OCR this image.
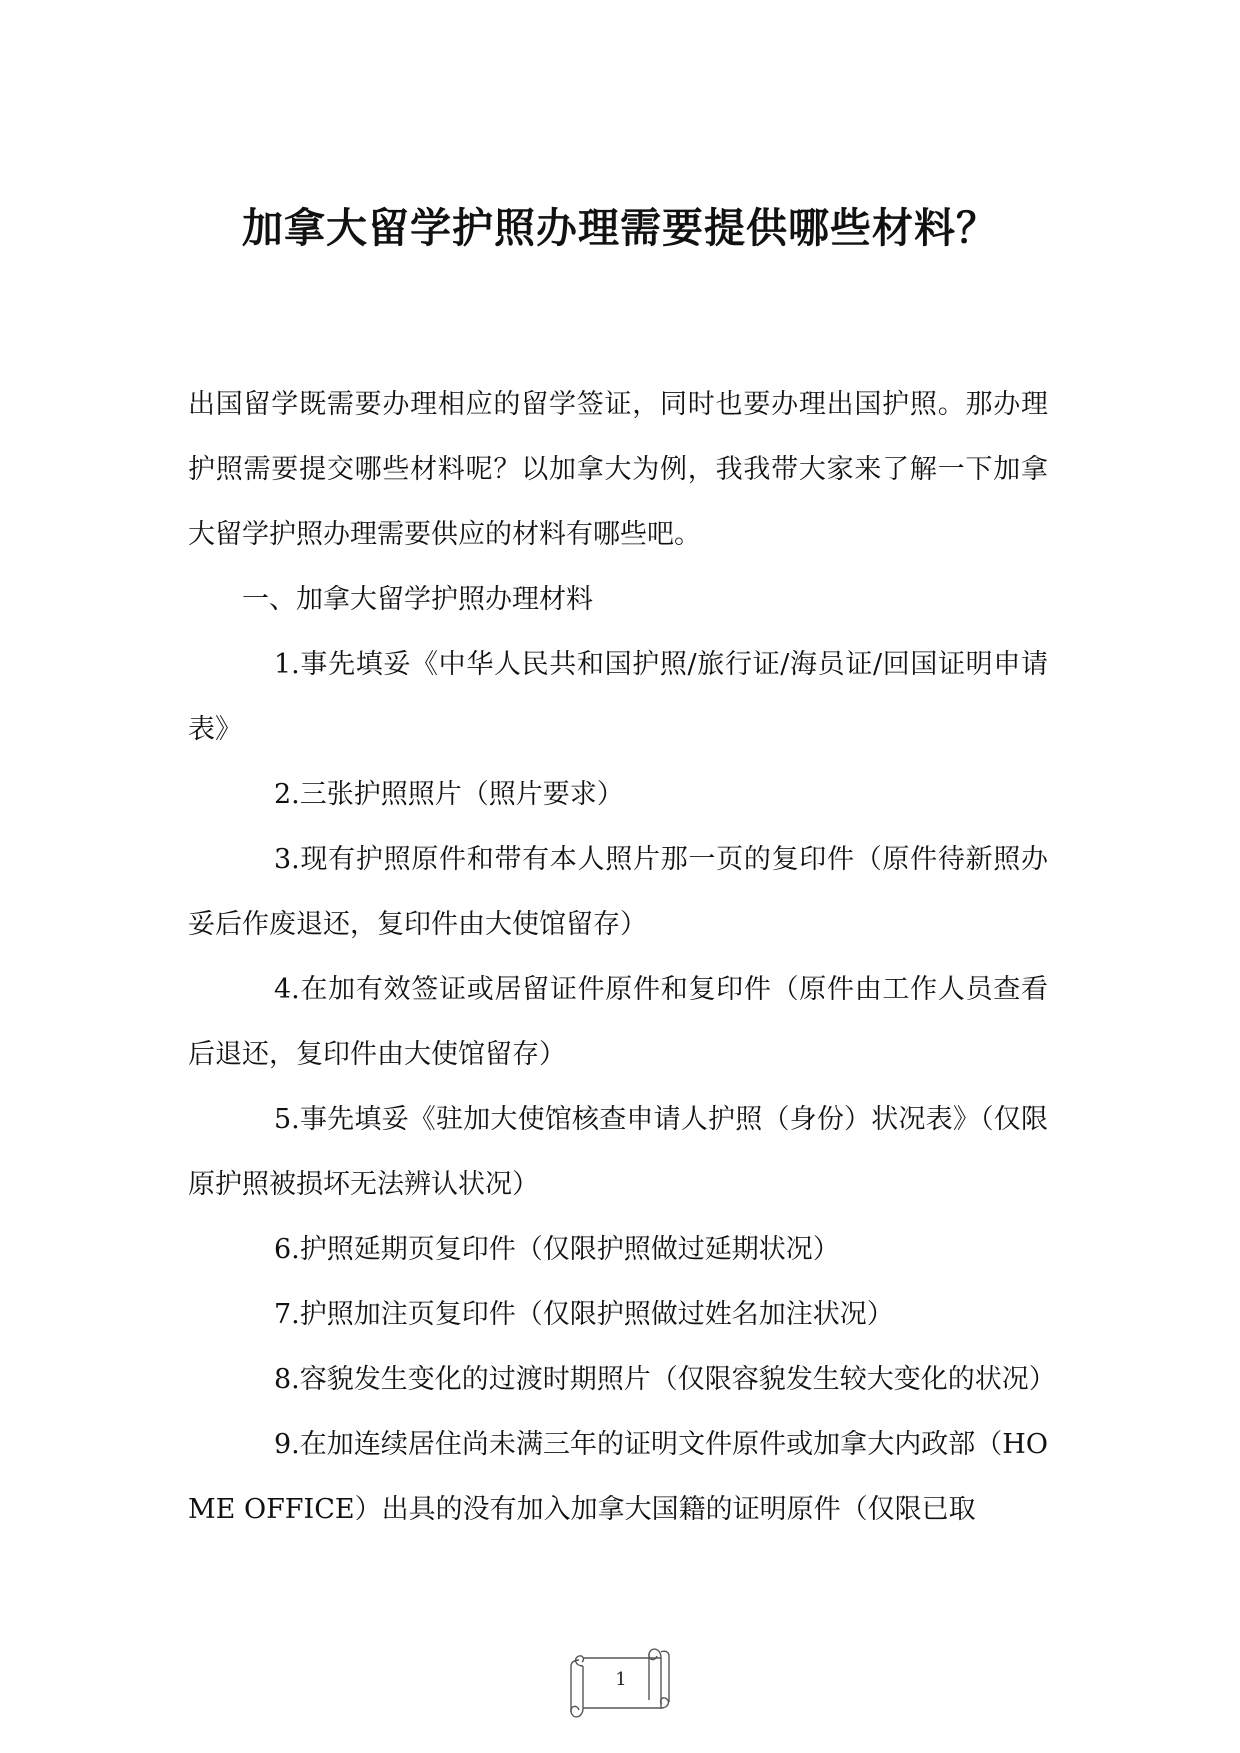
加拿大留学护照办理需要提供哪些材料？

出国留学既需要办理相应的留学签证，同时也要办理出国护照。那办理护照需要提交哪些材料呢？以加拿大为例，我我带大家来了解一下加拿大留学护照办理需要供应的材料有哪些吧。

一、加拿大留学护照办理材料

1.事先填妥《中华人民共和国护照/旅行证/海员证/回国证明申请表》

2.三张护照照片（照片要求）

3.现有护照原件和带有本人照片那一页的复印件（原件待新照办妥后作废退还，复印件由大使馆留存）

4.在加有效签证或居留证件原件和复印件（原件由工作人员查看后退还，复印件由大使馆留存）

5.事先填妥《驻加大使馆核查申请人护照（身份）状况表》（仅限原护照被损坏无法辨认状况）

6.护照延期页复印件（仅限护照做过延期状况）

7.护照加注页复印件（仅限护照做过姓名加注状况）

8.容貌发生变化的过渡时期照片（仅限容貌发生较大变化的状况）

9.在加连续居住尚未满三年的证明文件原件或加拿大内政部（HOME OFFICE）出具的没有加入加拿大国籍的证明原件（仅限已取

1
